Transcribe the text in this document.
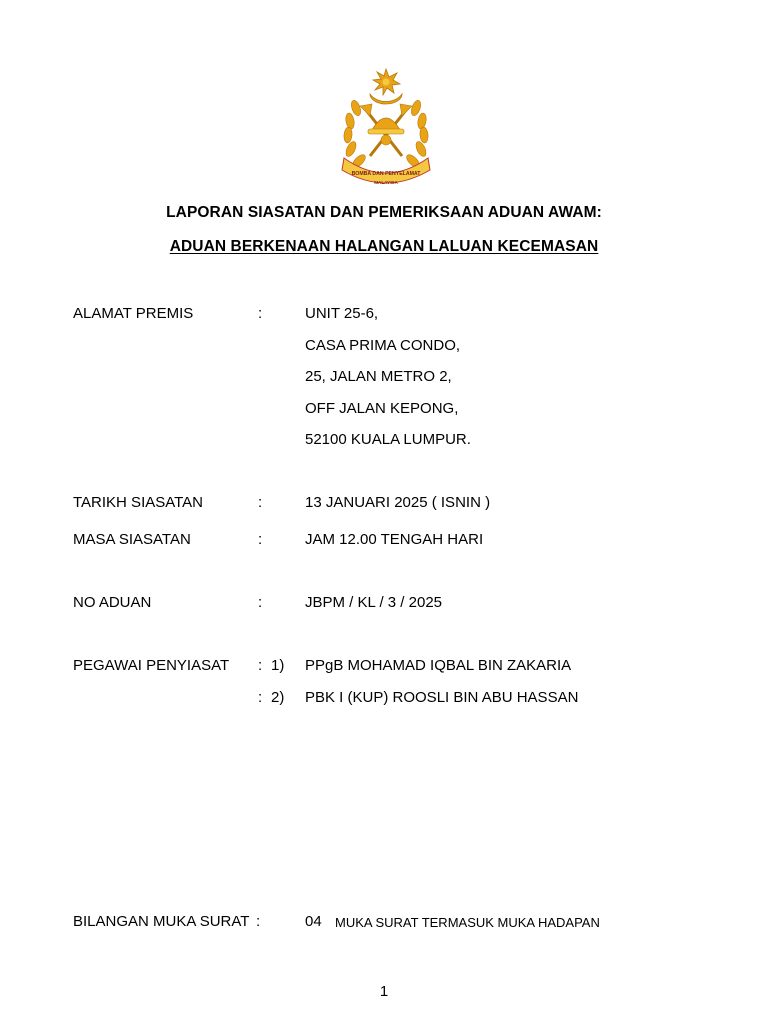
BOMBA DAN PENYELAMAT
MALAYSIA
LAPORAN SIASATAN DAN PEMERIKSAAN ADUAN AWAM:
ADUAN BERKENAAN HALANGAN LALUAN KECEMASAN
ALAMAT PREMIS	:	UNIT 25-6,
CASA PRIMA CONDO,
25, JALAN METRO 2,
OFF JALAN KEPONG,
52100 KUALA LUMPUR.
TARIKH SIASATAN	:	13 JANUARI 2025 ( ISNIN )
MASA SIASATAN	:	JAM 12.00 TENGAH HARI
NO ADUAN	:	JBPM / KL / 3 / 2025
PEGAWAI PENYIASAT : 1) PPgB MOHAMAD IQBAL BIN ZAKARIA
: 2) PBK I (KUP) ROOSLI BIN ABU HASSAN
BILANGAN MUKA SURAT :	04 MUKA SURAT TERMASUK MUKA HADAPAN
1
